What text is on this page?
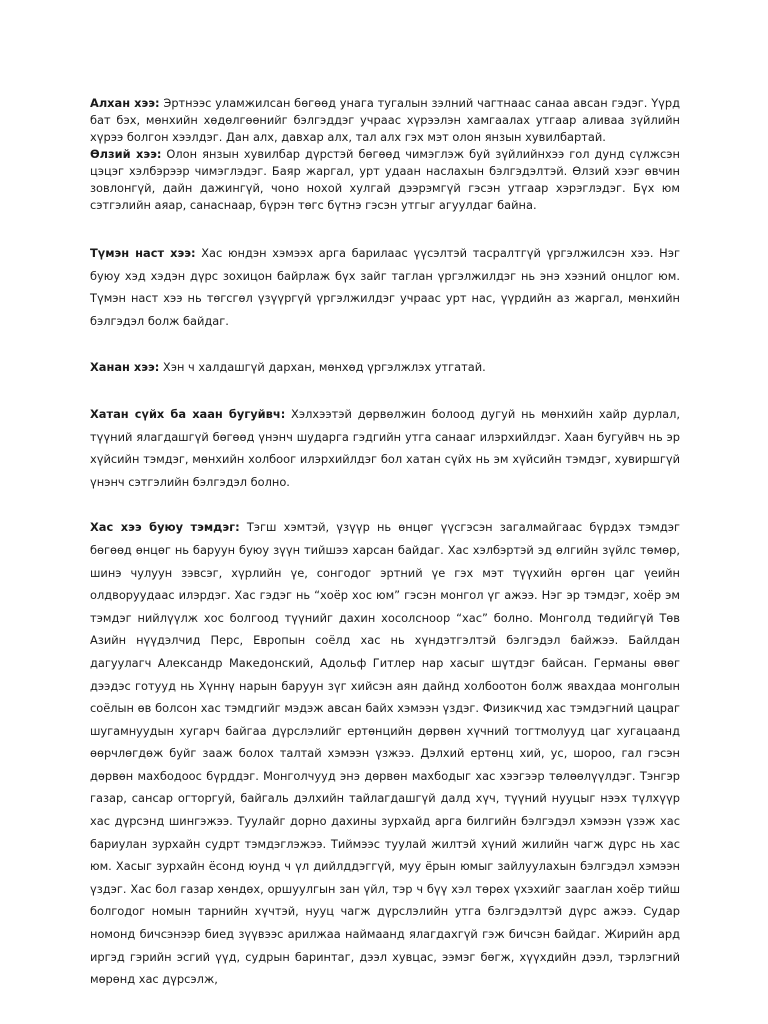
Алхан хээ: Эртнээс уламжилсан бөгөөд унага тугалын зэлний чагтнаас санаа авсан гэдэг. Үүрд бат бэх, мөнхийн хөдөлгөөнийг бэлгэддэг учраас хүрээлэн хамгаалах утгаар аливаа зүйлийн хүрээ болгон хээлдэг. Дан алх, давхар алх, тал алх гэх мэт олон янзын хувилбартай.

Өлзий хээ: Олон янзын хувилбар дүрстэй бөгөөд чимэглэж буй зүйлийнхээ гол дунд сүлжсэн цэцэг хэлбэрээр чимэглэдэг. Баяр жаргал, урт удаан наслахын бэлгэдэлтэй. Өлзий хээг өвчин зовлонгүй, дайн дажингүй, чоно нохой хулгай дээрэмгүй гэсэн утгаар хэрэглэдэг. Бүх юм сэтгэлийн аяар, санаснаар, бүрэн төгс бүтнэ гэсэн утгыг агуулдаг байна.

Түмэн наст хээ: Хас юндэн хэмээх арга барилаас үүсэлтэй тасралтгүй үргэлжилсэн хээ. Нэг буюу хэд хэдэн дүрс зохицон байрлаж бүх зайг таглан үргэлжилдэг нь энэ хээний онцлог юм. Түмэн наст хээ нь төгсгөл үзүүргүй үргэлжилдэг учраас урт нас, үүрдийн аз жаргал, мөнхийн бэлгэдэл болж байдаг.

Ханан хээ: Хэн ч халдашгүй дархан, мөнхөд үргэлжлэх утгатай.

Хатан сүйх ба хаан бугуйвч: Хэлхээтэй дөрвөлжин болоод дугуй нь мөнхийн хайр дурлал, түүний ялагдашгүй бөгөөд үнэнч шударга гэдгийн утга санааг илэрхийлдэг. Хаан бугуйвч нь эр хүйсийн тэмдэг, мөнхийн холбоог илэрхийлдэг бол хатан сүйх нь эм хүйсийн тэмдэг, хувиршгүй үнэнч сэтгэлийн бэлгэдэл болно.

Хас хээ буюу тэмдэг: Тэгш хэмтэй, үзүүр нь өнцөг үүсгэсэн загалмайгаас бүрдэх тэмдэг бөгөөд өнцөг нь баруун буюу зүүн тийшээ харсан байдаг. Хас хэлбэртэй эд өлгийн зүйлс төмөр, шинэ чулуун зэвсэг, хүрлийн үе, сонгодог эртний үе гэх мэт түүхийн өргөн цаг үеийн олдворуудаас илэрдэг. Хас гэдэг нь “хоёр хос юм” гэсэн монгол үг ажээ. Нэг эр тэмдэг, хоёр эм тэмдэг нийлүүлж хос болгоод түүнийг дахин хосолсноор “хас” болно. Монголд төдийгүй Төв Азийн нүүдэлчид Перс, Европын соёлд хас нь хүндэтгэлтэй бэлгэдэл байжээ. Байлдан дагуулагч Александр Македонский, Адольф Гитлер нар хасыг шүтдэг байсан. Германы өвөг дээдэс готууд нь Хүннү нарын баруун зүг хийсэн аян дайнд холбоотон болж явахдаа монголын соёлын өв болсон хас тэмдгийг мэдэж авсан байх хэмээн үздэг. Физикчид хас тэмдэгний цацраг шугамнуудын хугарч байгаа дүрслэлийг ертөнцийн дөрвөн хүчний тогтмолууд цаг хугацаанд өөрчлөгдөж буйг зааж болох талтай хэмээн үзжээ. Дэлхий ертөнц хий, ус, шороо, гал гэсэн дөрвөн махбодоос бүрддэг. Монголчууд энэ дөрвөн махбодыг хас хээгээр төлөөлүүлдэг. Тэнгэр газар, сансар огторгуй, байгаль дэлхийн тайлагдашгүй далд хүч, түүний нууцыг нээх түлхүүр хас дүрсэнд шингэжээ. Туулайг дорно дахины зурхайд арга билгийн бэлгэдэл хэмээн үзэж хас бариулан зурхайн судрт тэмдэглэжээ. Тиймээс туулай жилтэй хүний жилийн чагж дүрс нь хас юм. Хасыг зурхайн ёсонд юунд ч үл дийлддэггүй, муу ёрын юмыг зайлуулахын бэлгэдэл хэмээн үздэг. Хас бол газар хөндөх, оршуулгын зан үйл, тэр ч бүү хэл төрөх үхэхийг зааглан хоёр тийш болгодог номын тарнийн хүчтэй, нууц чагж дүрслэлийн утга бэлгэдэлтэй дүрс ажээ. Судар номонд бичсэнээр биед зүүвээс арилжаа наймаанд ялагдахгүй гэж бичсэн байдаг. Жирийн ард иргэд гэрийн эсгий үүд, судрын баринтаг, дээл хувцас, ээмэг бөгж, хүүхдийн дээл, тэрлэгний мөрөнд хас дүрсэлж,
